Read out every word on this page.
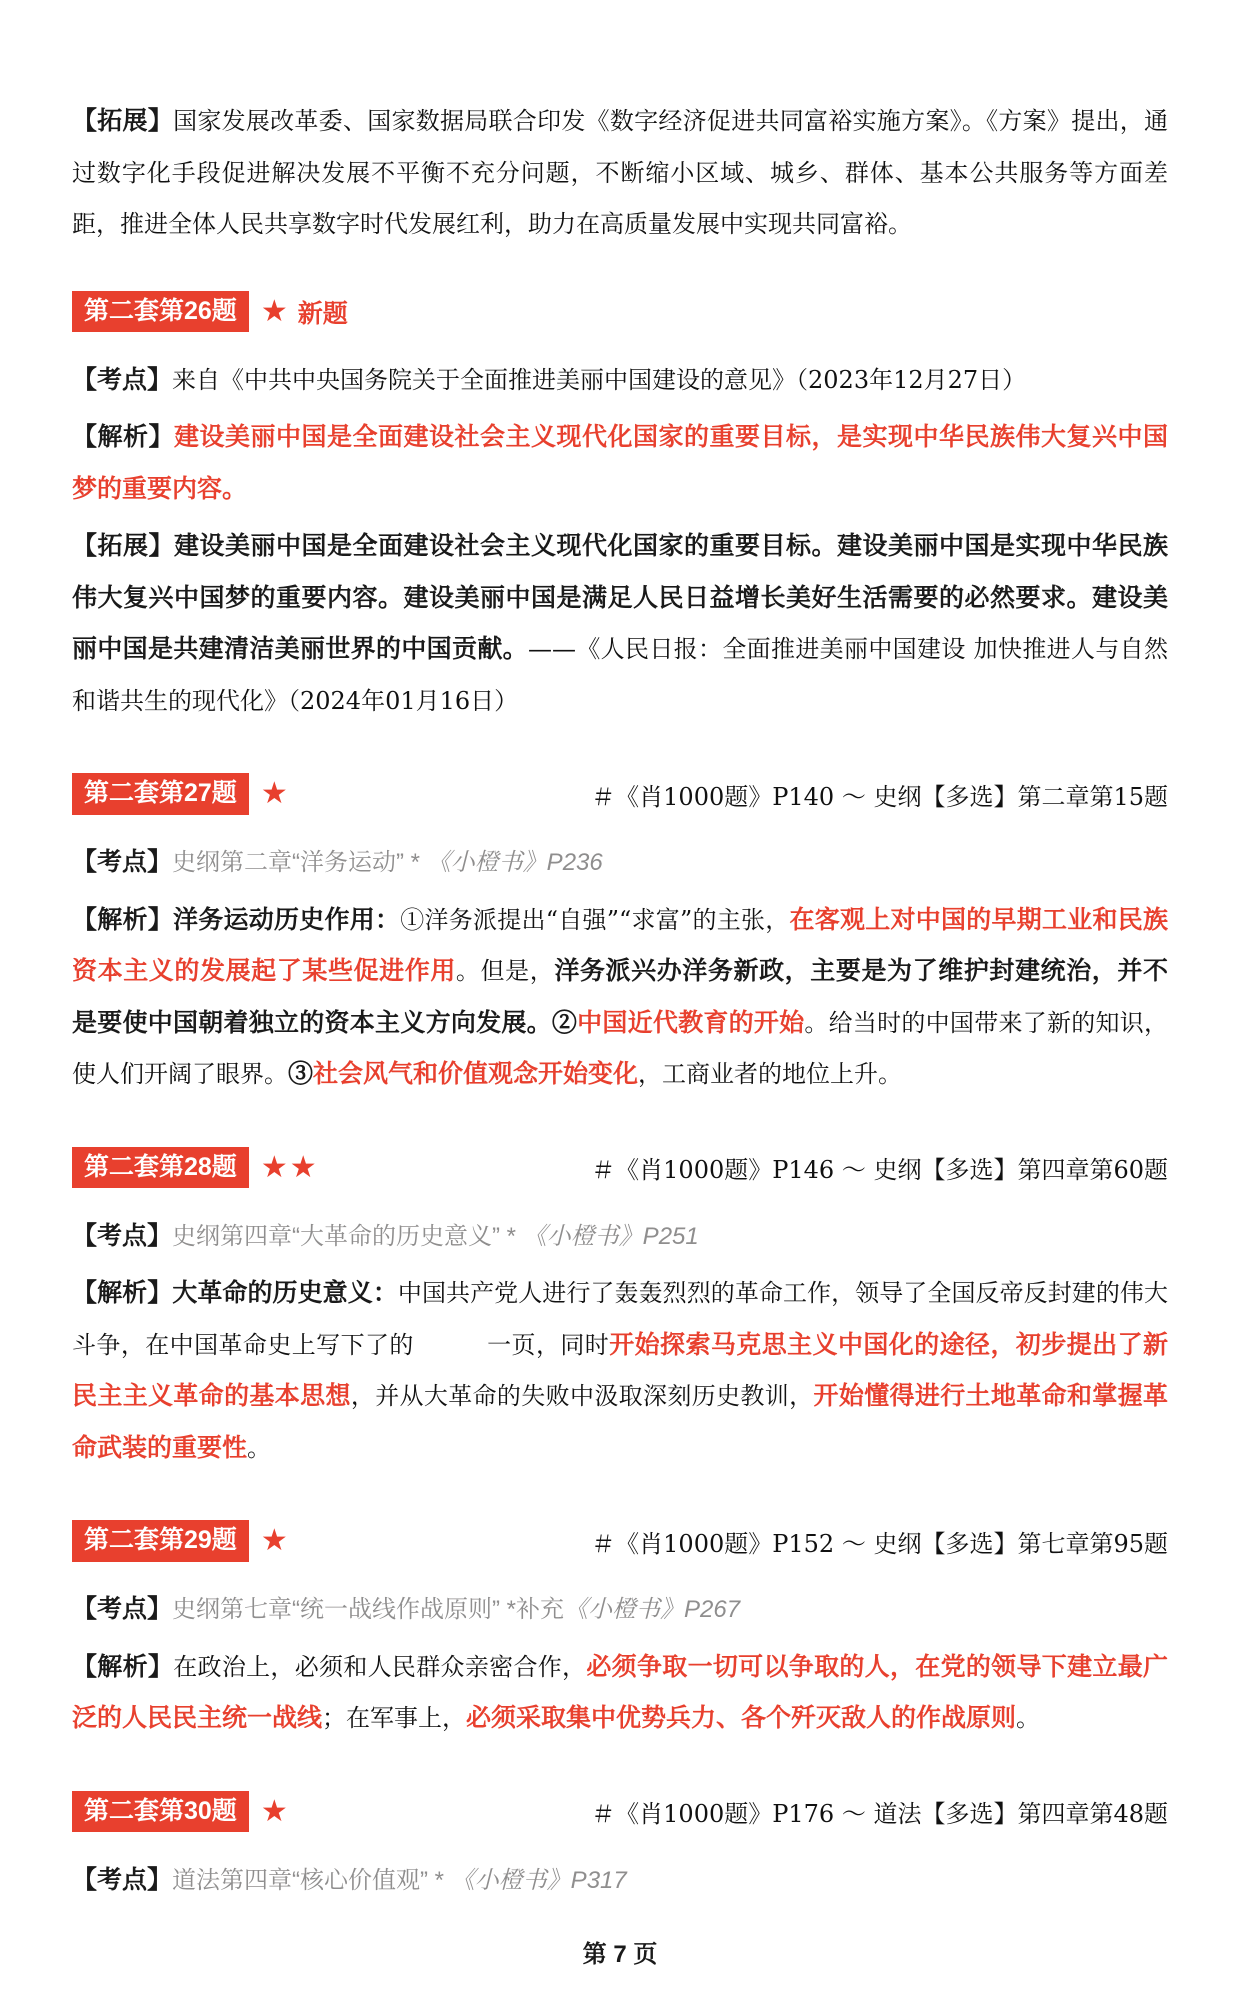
【拓展】国家发展改革委、国家数据局联合印发《数字经济促进共同富裕实施方案》。《方案》提出，通过数字化手段促进解决发展不平衡不充分问题，不断缩小区域、城乡、群体、基本公共服务等方面差距，推进全体人民共享数字时代发展红利，助力在高质量发展中实现共同富裕。

第二套第26题 ★ 新题

【考点】来自《中共中央国务院关于全面推进美丽中国建设的意见》（2023年12月27日）

【解析】建设美丽中国是全面建设社会主义现代化国家的重要目标，是实现中华民族伟大复兴中国梦的重要内容。

【拓展】建设美丽中国是全面建设社会主义现代化国家的重要目标。建设美丽中国是实现中华民族伟大复兴中国梦的重要内容。建设美丽中国是满足人民日益增长美好生活需要的必然要求。建设美丽中国是共建清洁美丽世界的中国贡献。——《人民日报：全面推进美丽中国建设 加快推进人与自然和谐共生的现代化》（2024年01月16日）

第二套第27题 ★	＃《肖1000题》P140 ～ 史纲【多选】第二章第15题

【考点】史纲第二章“洋务运动” * 《小橙书》P236

【解析】洋务运动历史作用：①洋务派提出“自强”“求富”的主张，在客观上对中国的早期工业和民族资本主义的发展起了某些促进作用。但是，洋务派兴办洋务新政，主要是为了维护封建统治，并不是要使中国朝着独立的资本主义方向发展。②中国近代教育的开始。给当时的中国带来了新的知识，使人们开阔了眼界。③社会风气和价值观念开始变化，工商业者的地位上升。

第二套第28题 ★★	＃《肖1000题》P146 ～ 史纲【多选】第四章第60题

【考点】史纲第四章“大革命的历史意义” * 《小橙书》P251

【解析】大革命的历史意义：中国共产党人进行了轰轰烈烈的革命工作，领导了全国反帝反封建的伟大斗争，在中国革命史上写下了的　　　一页，同时开始探索马克思主义中国化的途径，初步提出了新民主主义革命的基本思想，并从大革命的失败中汲取深刻历史教训，开始懂得进行土地革命和掌握革命武装的重要性。

第二套第29题 ★	＃《肖1000题》P152 ～ 史纲【多选】第七章第95题

【考点】史纲第七章“统一战线作战原则” *补充《小橙书》P267

【解析】在政治上，必须和人民群众亲密合作，必须争取一切可以争取的人，在党的领导下建立最广泛的人民民主统一战线；在军事上，必须采取集中优势兵力、各个歼灭敌人的作战原则。

第二套第30题 ★	＃《肖1000题》P176 ～ 道法【多选】第四章第48题

【考点】道法第四章“核心价值观” * 《小橙书》P317

第 7 页
